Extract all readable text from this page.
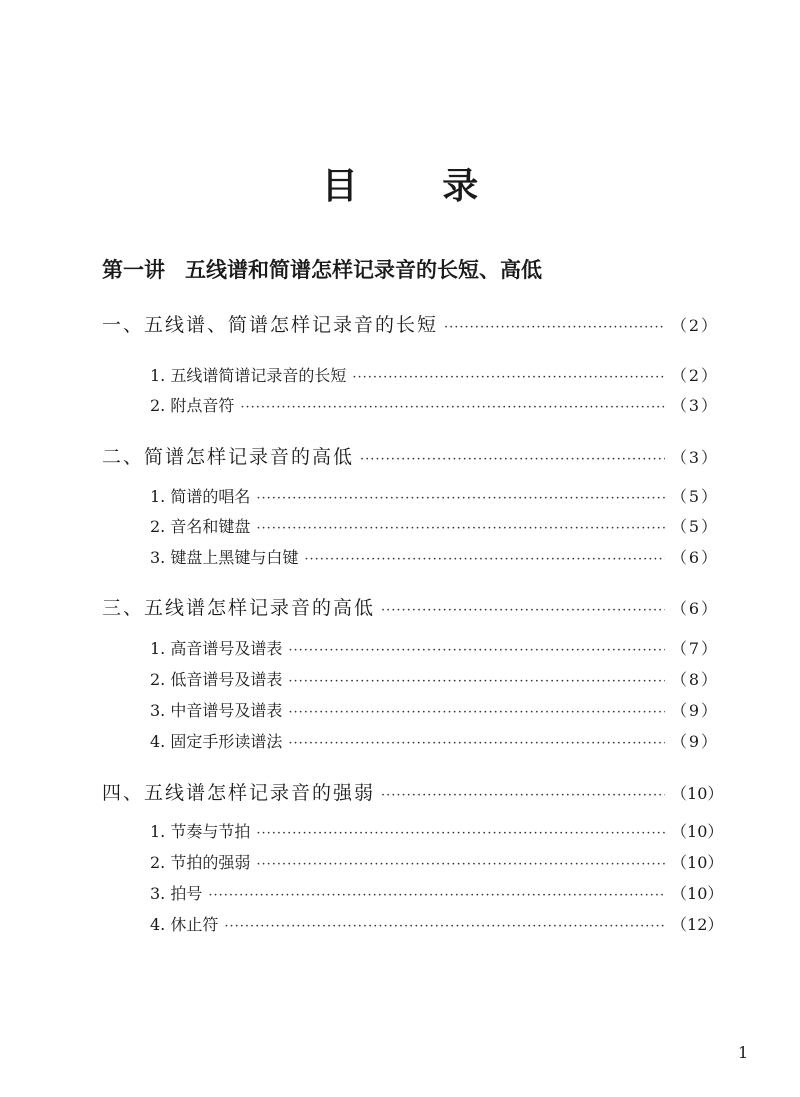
目 录
第一讲 五线谱和简谱怎样记录音的长短、高低
一、五线谱、简谱怎样记录音的长短 ·····	（ 2 ）
1. 五线谱简谱记录音的长短 ·····	（ 2 ）
2. 附点音符 ·····	（ 3 ）
二、简谱怎样记录音的高低 ·····	（ 3 ）
1. 简谱的唱名 ·····	（ 5 ）
2. 音名和键盘 ·····	（ 5 ）
3. 键盘上黑键与白键 ·····	（ 6 ）
三、五线谱怎样记录音的高低 ·····	（ 6 ）
1. 高音谱号及谱表 ·····	（ 7 ）
2. 低音谱号及谱表 ·····	（ 8 ）
3. 中音谱号及谱表 ·····	（ 9 ）
4. 固定手形读谱法 ·····	（ 9 ）
四、五线谱怎样记录音的强弱 ·····	（ 10 ）
1. 节奏与节拍 ·····	（ 10 ）
2. 节拍的强弱 ·····	（ 10 ）
3. 拍号 ·····	（ 10 ）
4. 休止符 ·····	（ 12 ）
1
